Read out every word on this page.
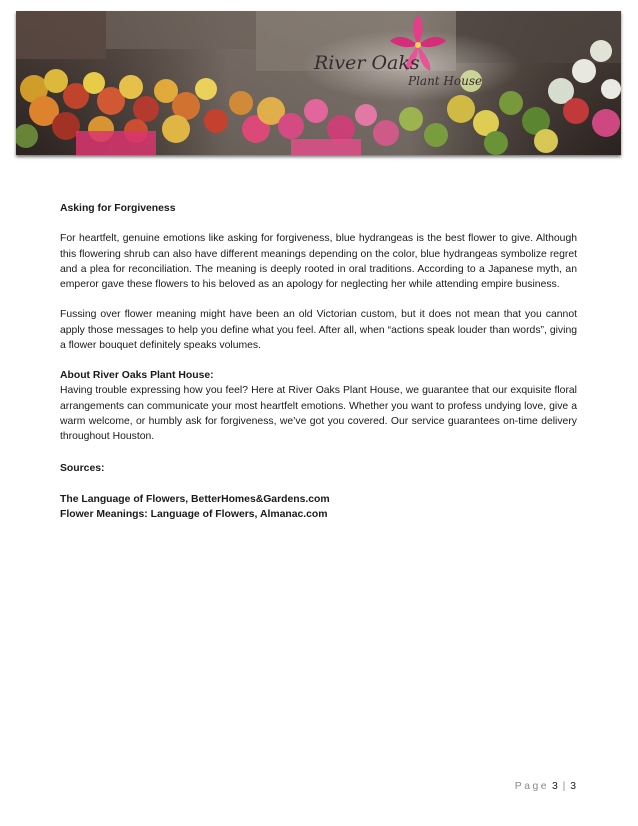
River Oaks
Plant House

Asking for Forgiveness

For heartfelt, genuine emotions like asking for forgiveness, blue hydrangeas is the best flower to give. Although this flowering shrub can also have different meanings depending on the color, blue hydrangeas symbolize regret and a plea for reconciliation. The meaning is deeply rooted in oral traditions. According to a Japanese myth, an emperor gave these flowers to his beloved as an apology for neglecting her while attending empire business.

Fussing over flower meaning might have been an old Victorian custom, but it does not mean that you cannot apply those messages to help you define what you feel. After all, when “actions speak louder than words”, giving a flower bouquet definitely speaks volumes.

About River Oaks Plant House:

Having trouble expressing how you feel? Here at River Oaks Plant House, we guarantee that our exquisite floral arrangements can communicate your most heartfelt emotions. Whether you want to profess undying love, give a warm welcome, or humbly ask for forgiveness, we’ve got you covered. Our service guarantees on-time delivery throughout Houston.

Sources:

The Language of Flowers, BetterHomes&Gardens.com

Flower Meanings: Language of Flowers, Almanac.com

Page 3 | 3
